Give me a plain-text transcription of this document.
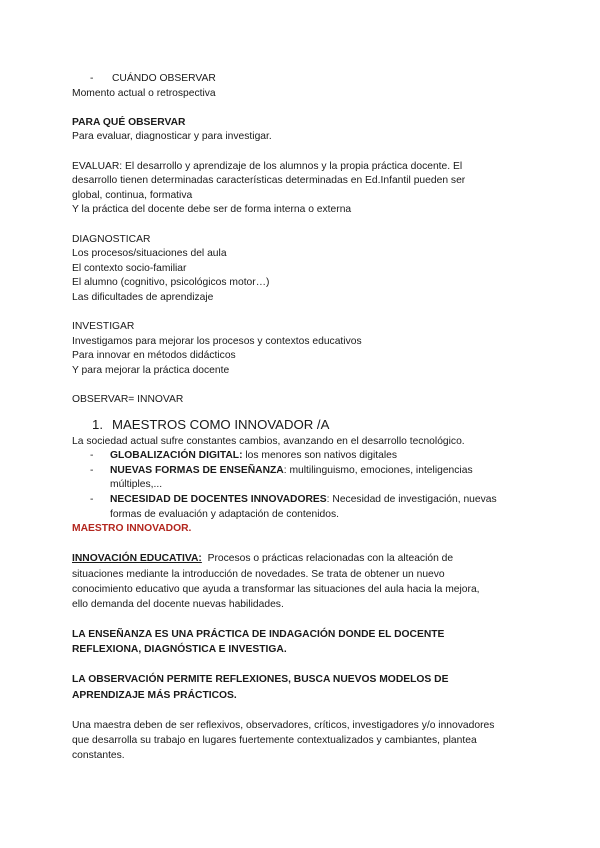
- CUÁNDO OBSERVAR
Momento actual o retrospectiva
PARA QUÉ OBSERVAR
Para evaluar, diagnosticar y para investigar.
EVALUAR: El desarrollo y aprendizaje de los alumnos y la propia práctica docente. El
desarrollo tienen determinadas características determinadas en Ed.Infantil pueden ser
global, continua, formativa
Y la práctica del docente debe ser de forma interna o externa
DIAGNOSTICAR
Los procesos/situaciones del aula
El contexto socio-familiar
El alumno (cognitivo, psicológicos motor…)
Las dificultades de aprendizaje
INVESTIGAR
Investigamos para mejorar los procesos y contextos educativos
Para innovar en métodos didácticos
Y para mejorar la práctica docente
OBSERVAR= INNOVAR
1. MAESTROS COMO INNOVADOR /A
La sociedad actual sufre constantes cambios, avanzando en el desarrollo tecnológico.
- GLOBALIZACIÓN DIGITAL: los menores son nativos digitales
- NUEVAS FORMAS DE ENSEÑANZA: multilinguismo, emociones, inteligencias
múltiples,...
- NECESIDAD DE DOCENTES INNOVADORES: Necesidad de investigación, nuevas
formas de evaluación y adaptación de contenidos.
MAESTRO INNOVADOR.
INNOVACIÓN EDUCATIVA:  Procesos o prácticas relacionadas con la alteación de
situaciones mediante la introducción de novedades. Se trata de obtener un nuevo
conocimiento educativo que ayuda a transformar las situaciones del aula hacia la mejora,
ello demanda del docente nuevas habilidades.
LA ENSEÑANZA ES UNA PRÁCTICA DE INDAGACIÓN DONDE EL DOCENTE
REFLEXIONA, DIAGNÓSTICA E INVESTIGA.
LA OBSERVACIÓN PERMITE REFLEXIONES, BUSCA NUEVOS MODELOS DE
APRENDIZAJE MÁS PRÁCTICOS.
Una maestra deben de ser reflexivos, observadores, críticos, investigadores y/o innovadores
que desarrolla su trabajo en lugares fuertemente contextualizados y cambiantes, plantea
constantes.
